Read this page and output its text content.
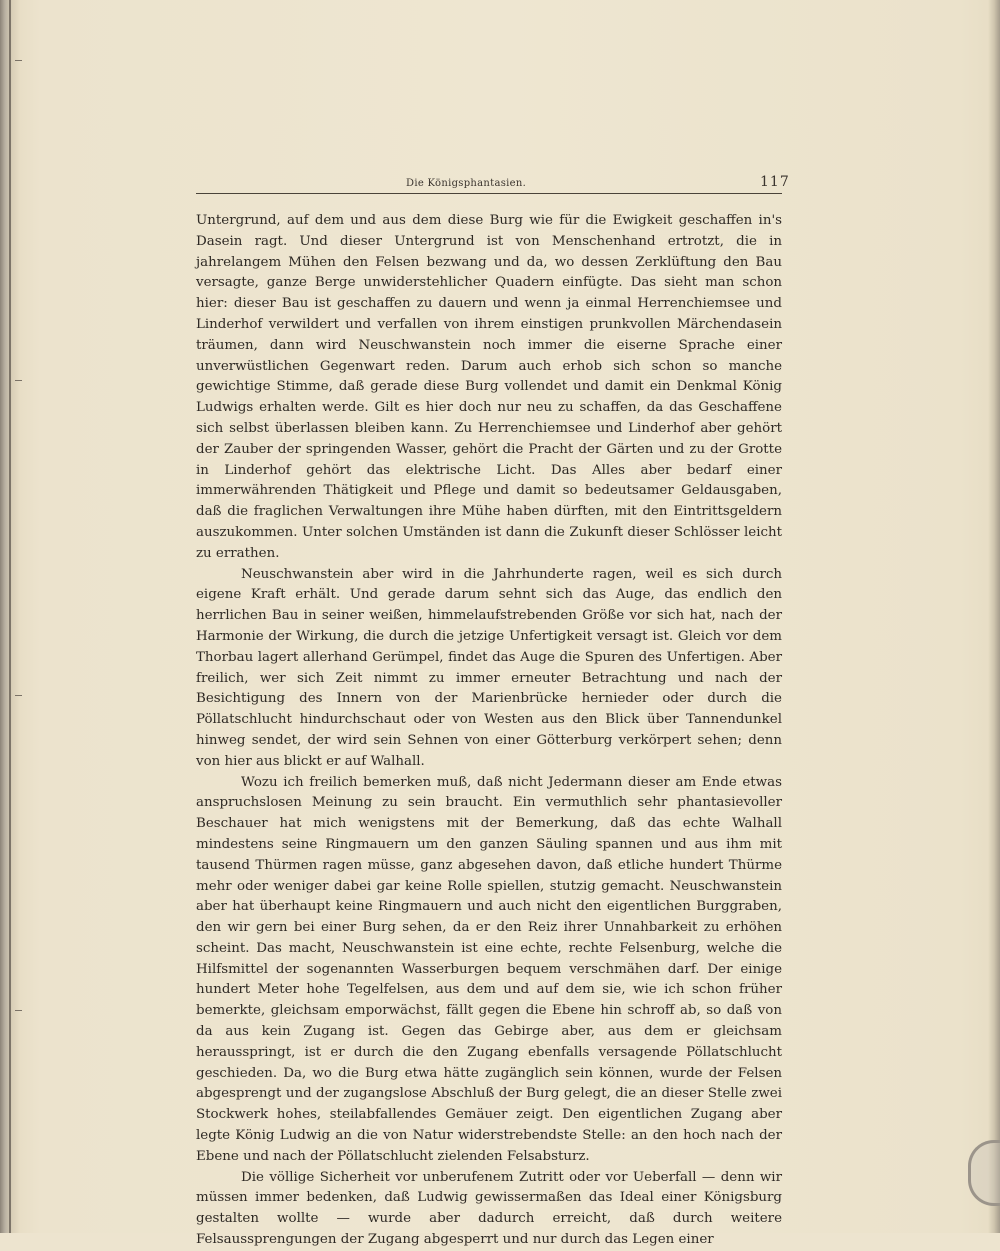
Die Königsphantasien.	117

Untergrund, auf dem und aus dem diese Burg wie für die Ewigkeit geschaffen in's Dasein ragt. Und dieser Untergrund ist von Menschenhand ertrotzt, die in jahrelangem Mühen den Felsen bezwang und da, wo dessen Zerklüftung den Bau versagte, ganze Berge unwiderstehlicher Quadern einfügte. Das sieht man schon hier: dieser Bau ist geschaffen zu dauern und wenn ja einmal Herrenchiemsee und Linderhof verwildert und verfallen von ihrem einstigen prunkvollen Märchendasein träumen, dann wird Neuschwanstein noch immer die eiserne Sprache einer unverwüstlichen Gegenwart reden. Darum auch erhob sich schon so manche gewichtige Stimme, daß gerade diese Burg vollendet und damit ein Denkmal König Ludwigs erhalten werde. Gilt es hier doch nur neu zu schaffen, da das Geschaffene sich selbst überlassen bleiben kann. Zu Herrenchiemsee und Linderhof aber gehört der Zauber der springenden Wasser, gehört die Pracht der Gärten und zu der Grotte in Linderhof gehört das elektrische Licht. Das Alles aber bedarf einer immerwährenden Thätigkeit und Pflege und damit so bedeutsamer Geldausgaben, daß die fraglichen Verwaltungen ihre Mühe haben dürften, mit den Eintrittsgeldern auszukommen. Unter solchen Umständen ist dann die Zukunft dieser Schlösser leicht zu errathen.

Neuschwanstein aber wird in die Jahrhunderte ragen, weil es sich durch eigene Kraft erhält. Und gerade darum sehnt sich das Auge, das endlich den herrlichen Bau in seiner weißen, himmelaufstrebenden Größe vor sich hat, nach der Harmonie der Wirkung, die durch die jetzige Unfertigkeit versagt ist. Gleich vor dem Thorbau lagert allerhand Gerümpel, findet das Auge die Spuren des Unfertigen. Aber freilich, wer sich Zeit nimmt zu immer erneuter Betrachtung und nach der Besichtigung des Innern von der Marienbrücke hernieder oder durch die Pöllatschlucht hindurchschaut oder von Westen aus den Blick über Tannendunkel hinweg sendet, der wird sein Sehnen von einer Götterburg verkörpert sehen; denn von hier aus blickt er auf Walhall.

Wozu ich freilich bemerken muß, daß nicht Jedermann dieser am Ende etwas anspruchslosen Meinung zu sein braucht. Ein vermuthlich sehr phantasievoller Beschauer hat mich wenigstens mit der Bemerkung, daß das echte Walhall mindestens seine Ringmauern um den ganzen Säuling spannen und aus ihm mit tausend Thürmen ragen müsse, ganz abgesehen davon, daß etliche hundert Thürme mehr oder weniger dabei gar keine Rolle spiellen, stutzig gemacht. Neuschwanstein aber hat überhaupt keine Ringmauern und auch nicht den eigentlichen Burggraben, den wir gern bei einer Burg sehen, da er den Reiz ihrer Unnahbarkeit zu erhöhen scheint. Das macht, Neuschwanstein ist eine echte, rechte Felsenburg, welche die Hilfsmittel der sogenannten Wasserburgen bequem verschmähen darf. Der einige hundert Meter hohe Tegelfelsen, aus dem und auf dem sie, wie ich schon früher bemerkte, gleichsam emporwächst, fällt gegen die Ebene hin schroff ab, so daß von da aus kein Zugang ist. Gegen das Gebirge aber, aus dem er gleichsam herausspringt, ist er durch die den Zugang ebenfalls versagende Pöllatschlucht geschieden. Da, wo die Burg etwa hätte zugänglich sein können, wurde der Felsen abgesprengt und der zugangslose Abschluß der Burg gelegt, die an dieser Stelle zwei Stockwerk hohes, steilabfallendes Gemäuer zeigt. Den eigentlichen Zugang aber legte König Ludwig an die von Natur widerstrebendste Stelle: an den hoch nach der Ebene und nach der Pöllatschlucht zielenden Felsabsturz.

Die völlige Sicherheit vor unberufenem Zutritt oder vor Ueberfall — denn wir müssen immer bedenken, daß Ludwig gewissermaßen das Ideal einer Königsburg gestalten wollte — wurde aber dadurch erreicht, daß durch weitere Felsaussprengungen der Zugang abgesperrt und nur durch das Legen einer
